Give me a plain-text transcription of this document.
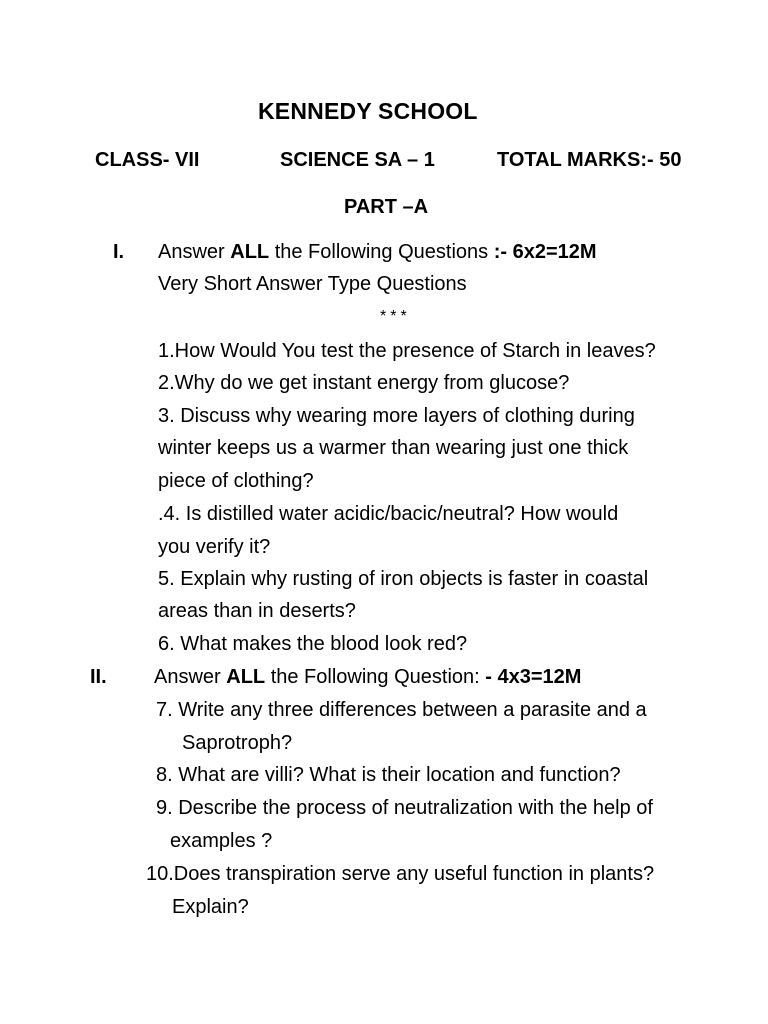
KENNEDY SCHOOL
CLASS- VII	SCIENCE SA – 1	TOTAL MARKS:- 50
PART –A
I. Answer ALL the Following Questions :- 6x2=12M
Very Short Answer Type Questions
***
1.How Would You test the presence of Starch in leaves?
2.Why do we get instant energy from glucose?
3. Discuss why wearing more layers of clothing during
winter keeps us a warmer than wearing just one thick
piece of clothing?
.4. Is distilled water acidic/bacic/neutral? How would
you verify it?
5. Explain why rusting of iron objects is faster in coastal
areas than in deserts?
6. What makes the blood look red?
II. Answer ALL the Following Question: - 4x3=12M
7. Write any three differences between a parasite and a
Saprotroph?
8. What are villi? What is their location and function?
9. Describe the process of neutralization with the help of
examples ?
10.Does transpiration serve any useful function in plants?
Explain?
